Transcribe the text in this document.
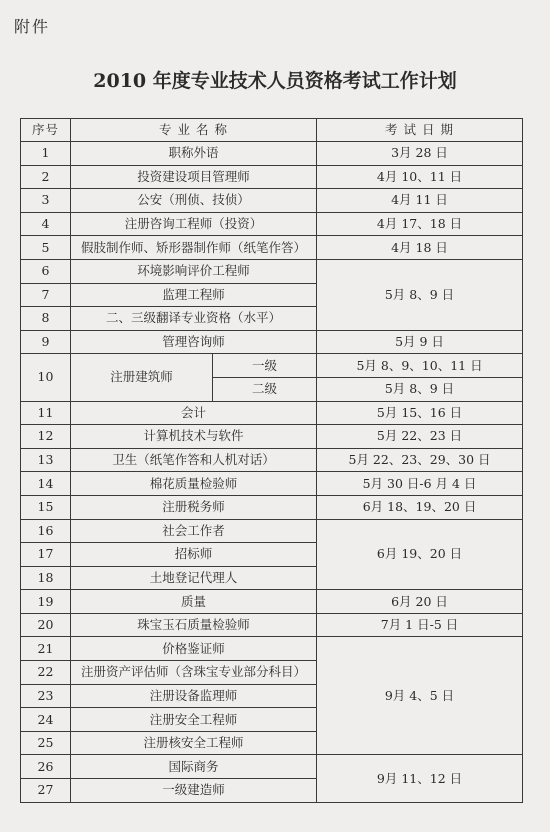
附件
2010 年度专业技术人员资格考试工作计划
序号	专 业 名 称		考 试 日 期
1	职称外语		3月 28 日
2	投资建设项目管理师		4月 10、11 日
3	公安（刑侦、技侦）		4月 11 日
4	注册咨询工程师（投资）		4月 17、18 日
5	假肢制作师、矫形器制作师（纸笔作答）		4月 18 日
6	环境影响评价工程师		5月 8、9 日
7	监理工程师		
8	二、三级翻译专业资格（水平）		
9	管理咨询师		5月 9 日
10	注册建筑师	一级	5月 8、9、10、11 日
		二级	5月 8、9 日
11	会计		5月 15、16 日
12	计算机技术与软件		5月 22、23 日
13	卫生（纸笔作答和人机对话）		5月 22、23、29、30 日
14	棉花质量检验师		5月 30 日-6 月 4 日
15	注册税务师		6月 18、19、20 日
16	社会工作者		6月 19、20 日
17	招标师		
18	土地登记代理人		
19	质量		6月 20 日
20	珠宝玉石质量检验师		7月 1 日-5 日
21	价格鉴证师		9月 4、5 日
22	注册资产评估师（含珠宝专业部分科目）		
23	注册设备监理师		
24	注册安全工程师		
25	注册核安全工程师		
26	国际商务		9月 11、12 日
27	一级建造师		
